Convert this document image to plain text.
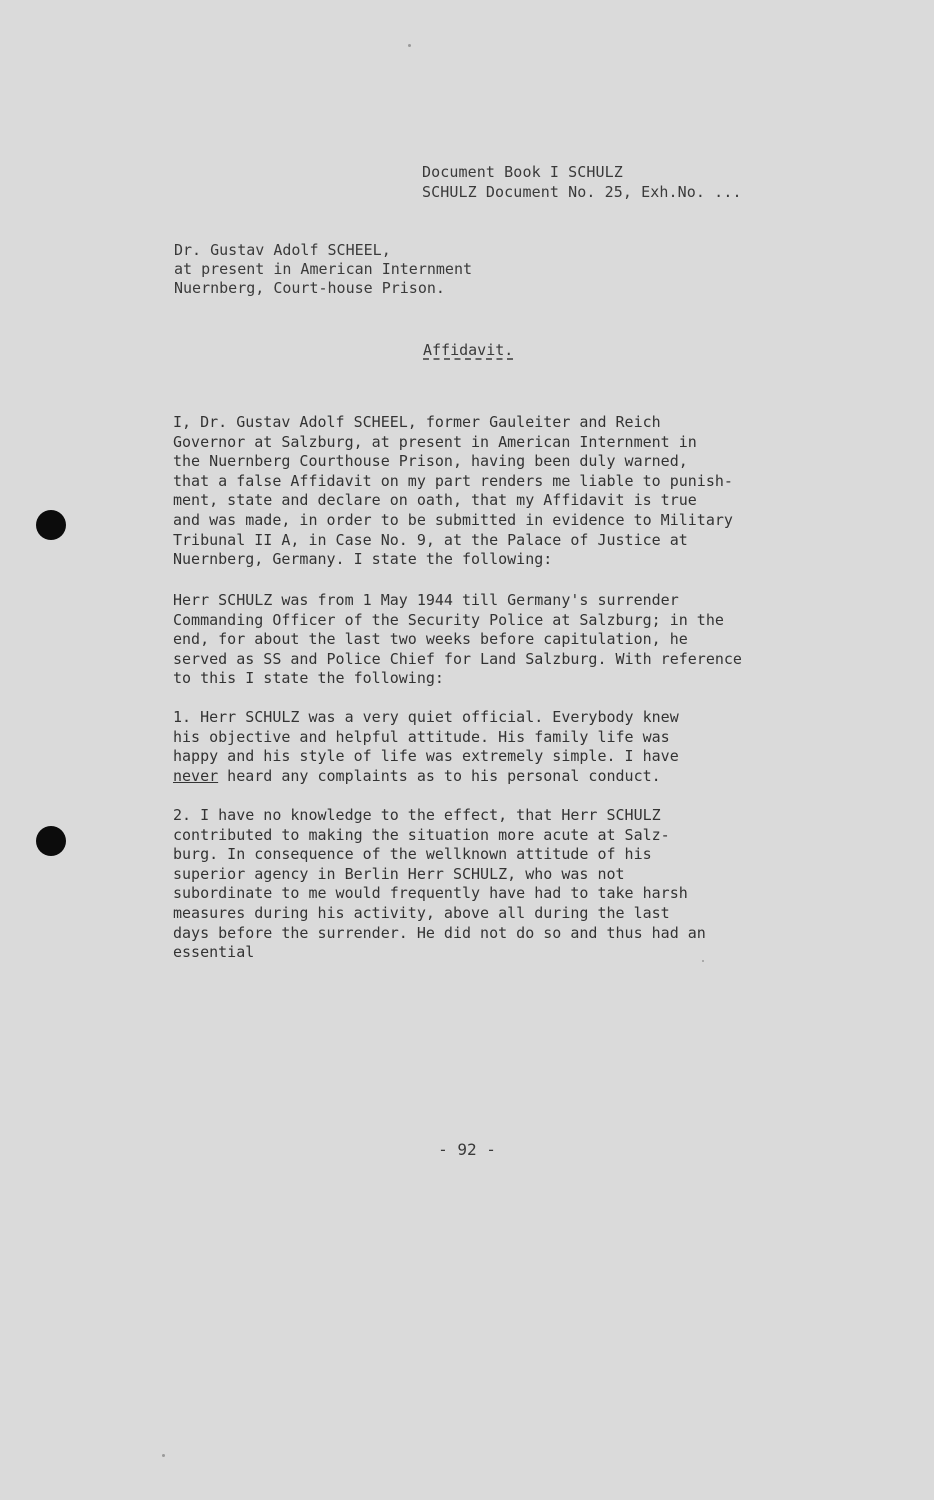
Document Book I SCHULZ
SCHULZ Document No. 25, Exh.No. ...
Dr. Gustav Adolf SCHEEL,
at present in American Internment
Nuernberg, Court-house Prison.
Affidavit.
I, Dr. Gustav Adolf SCHEEL, former Gauleiter and Reich
Governor at Salzburg, at present in American Internment in
the Nuernberg Courthouse Prison, having been duly warned,
that a false Affidavit on my part renders me liable to punish-
ment, state and declare on oath, that my Affidavit is true
and was made, in order to be submitted in evidence to Military
Tribunal II A, in Case No. 9, at the Palace of Justice at
Nuernberg, Germany. I state the following:
Herr SCHULZ was from 1 May 1944 till Germany's surrender
Commanding Officer of the Security Police at Salzburg; in the
end, for about the last two weeks before capitulation, he
served as SS and Police Chief for Land Salzburg. With reference
to this I state the following:
1. Herr SCHULZ was a very quiet official. Everybody knew
his objective and helpful attitude. His family life was
happy and his style of life was extremely simple. I have
never heard any complaints as to his personal conduct.
2. I have no knowledge to the effect, that Herr SCHULZ
contributed to making the situation more acute at Salz-
burg. In consequence of the wellknown attitude of his
superior agency in Berlin Herr SCHULZ, who was not
subordinate to me would frequently have had to take harsh
measures during his activity, above all during the last
days before the surrender. He did not do so and thus had an
essential
- 92 -
